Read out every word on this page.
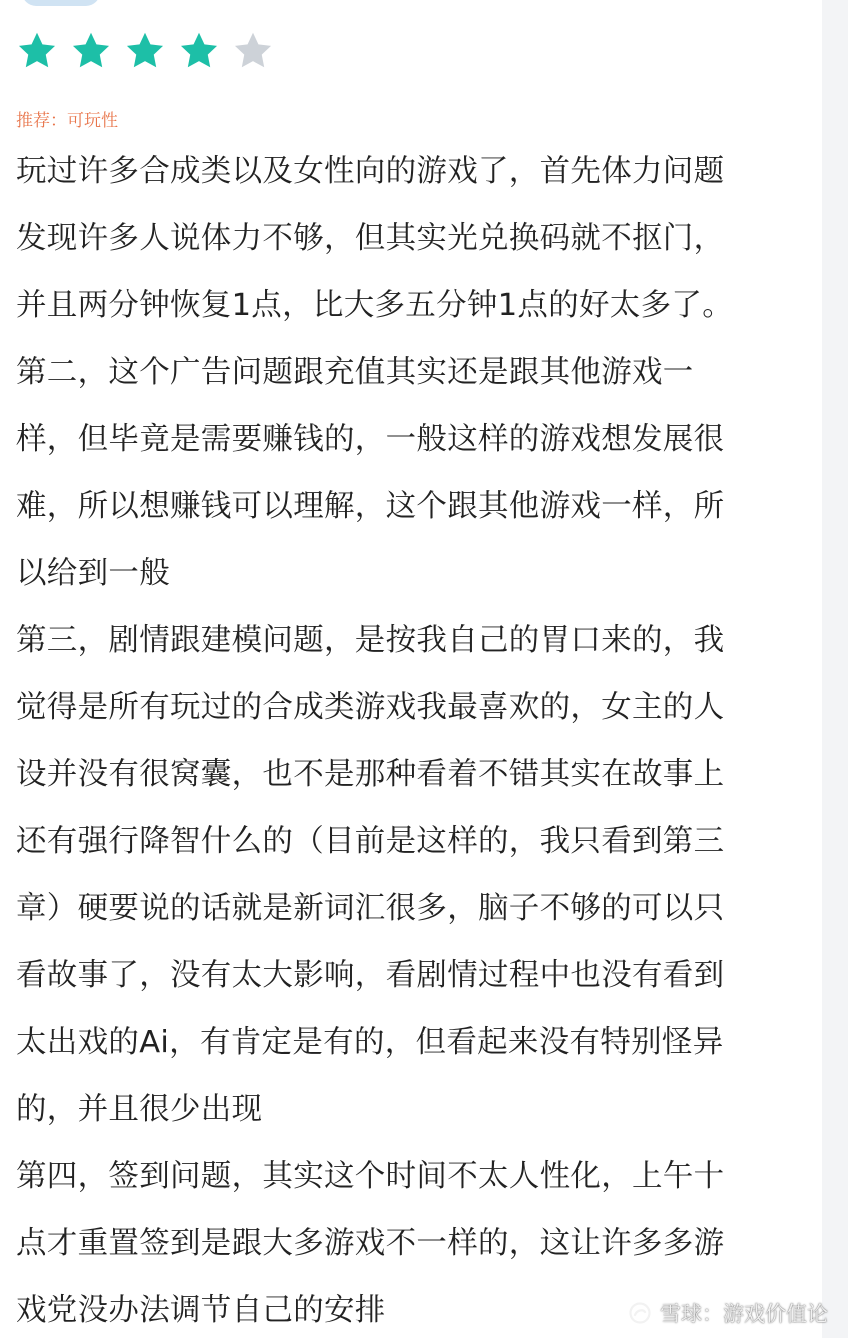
推荐：可玩性
玩过许多合成类以及女性向的游戏了，首先体力问题
发现许多人说体力不够，但其实光兑换码就不抠门，
并且两分钟恢复1点，比大多五分钟1点的好太多了。
第二，这个广告问题跟充值其实还是跟其他游戏一
样，但毕竟是需要赚钱的，一般这样的游戏想发展很
难，所以想赚钱可以理解，这个跟其他游戏一样，所
以给到一般
第三，剧情跟建模问题，是按我自己的胃口来的，我
觉得是所有玩过的合成类游戏我最喜欢的，女主的人
设并没有很窝囊，也不是那种看着不错其实在故事上
还有强行降智什么的（目前是这样的，我只看到第三
章）硬要说的话就是新词汇很多，脑子不够的可以只
看故事了，没有太大影响，看剧情过程中也没有看到
太出戏的Ai，有肯定是有的，但看起来没有特别怪异
的，并且很少出现
第四，签到问题，其实这个时间不太人性化，上午十
点才重置签到是跟大多游戏不一样的，这让许多多游
戏党没办法调节自己的安排	雪球：游戏价值论
